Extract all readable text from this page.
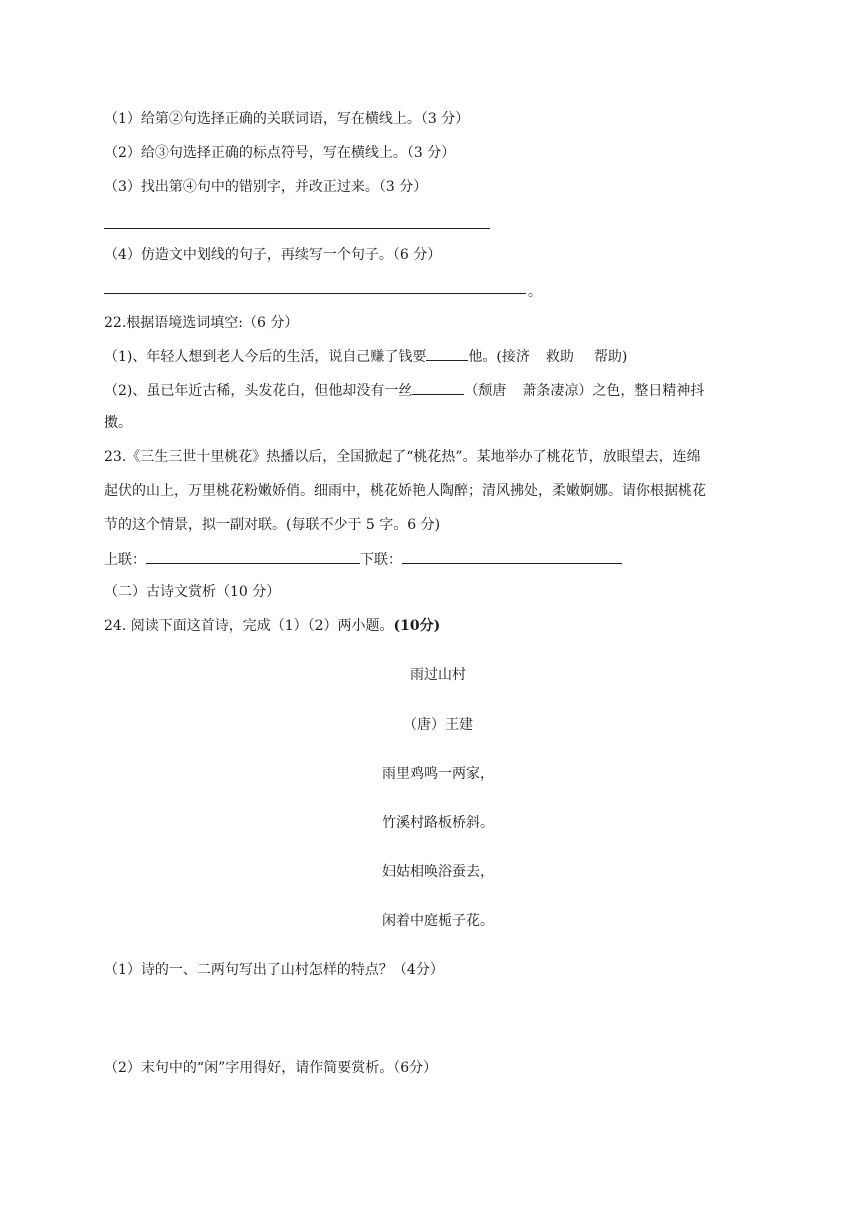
（1）给第②句选择正确的关联词语，写在横线上。（3 分）
（2）给③句选择正确的标点符号，写在横线上。（3 分）
（3）找出第④句中的错别字，并改正过来。（3 分）
（4）仿造文中划线的句子，再续写一个句子。（6 分）
。
22.根据语境选词填空:（6 分）
（1)、年轻人想到老人今后的生活，说自己赚了钱要	他。(接济 救助 帮助)
（2)、虽已年近古稀，头发花白，但他却没有一丝	（颓唐 萧条凄凉）之色，整日精神抖
擞。
23.《三生三世十里桃花》热播以后，全国掀起了“桃花热”。某地举办了桃花节，放眼望去，连绵
起伏的山上，万里桃花粉嫩娇俏。细雨中，桃花娇艳人陶醉；清风拂处，柔嫩婀娜。请你根据桃花
节的这个情景，拟一副对联。(每联不少于 5 字。6 分)
上联：	下联：
（二）古诗文赏析（10 分）
24. 阅读下面这首诗，完成（1）（2）两小题。(10分)
雨过山村
（唐）王建
雨里鸡鸣一两家，
竹溪村路板桥斜。
妇姑相唤浴蚕去，
闲着中庭栀子花。
（1）诗的一、二两句写出了山村怎样的特点？（4分）
（2）末句中的“闲”字用得好，请作简要赏析。（6分）
